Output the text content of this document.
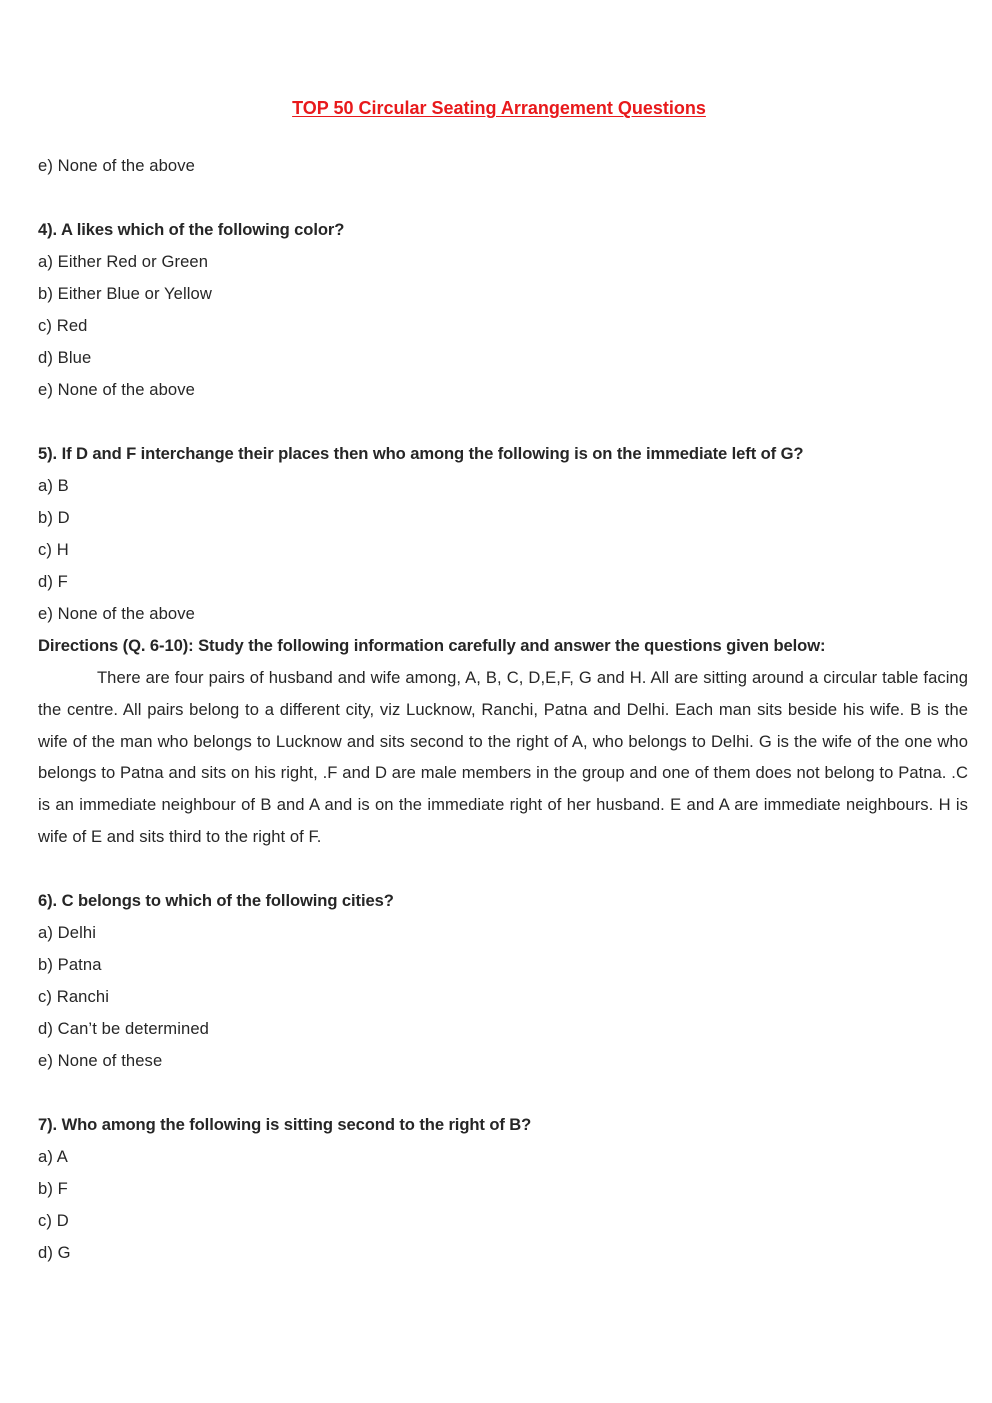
TOP 50 Circular Seating Arrangement Questions
e) None of the above
4). A likes which of the following color?
a) Either Red or Green
b) Either Blue or Yellow
c) Red
d) Blue
e) None of the above
5). If D and F interchange their places then who among the following is on the immediate left of G?
a) B
b) D
c) H
d) F
e) None of the above
Directions (Q. 6-10): Study the following information carefully and answer the questions given below:
There are four pairs of husband and wife among, A, B, C, D,E,F, G and H. All are sitting around a circular table facing the centre. All pairs belong to a different city, viz Lucknow, Ranchi, Patna and Delhi. Each man sits beside his wife. B is the wife of the man who belongs to Lucknow and sits second to the right of A, who belongs to Delhi. G is the wife of the one who belongs to Patna and sits on his right, .F and D are male members in the group and one of them does not belong to Patna. .C is an immediate neighbour of B and A and is on the immediate right of her husband. E and A are immediate neighbours. H is wife of E and sits third to the right of F.
6). C belongs to which of the following cities?
a) Delhi
b) Patna
c) Ranchi
d) Can’t be determined
e) None of these
7). Who among the following is sitting second to the right of B?
a) A
b) F
c) D
d) G
